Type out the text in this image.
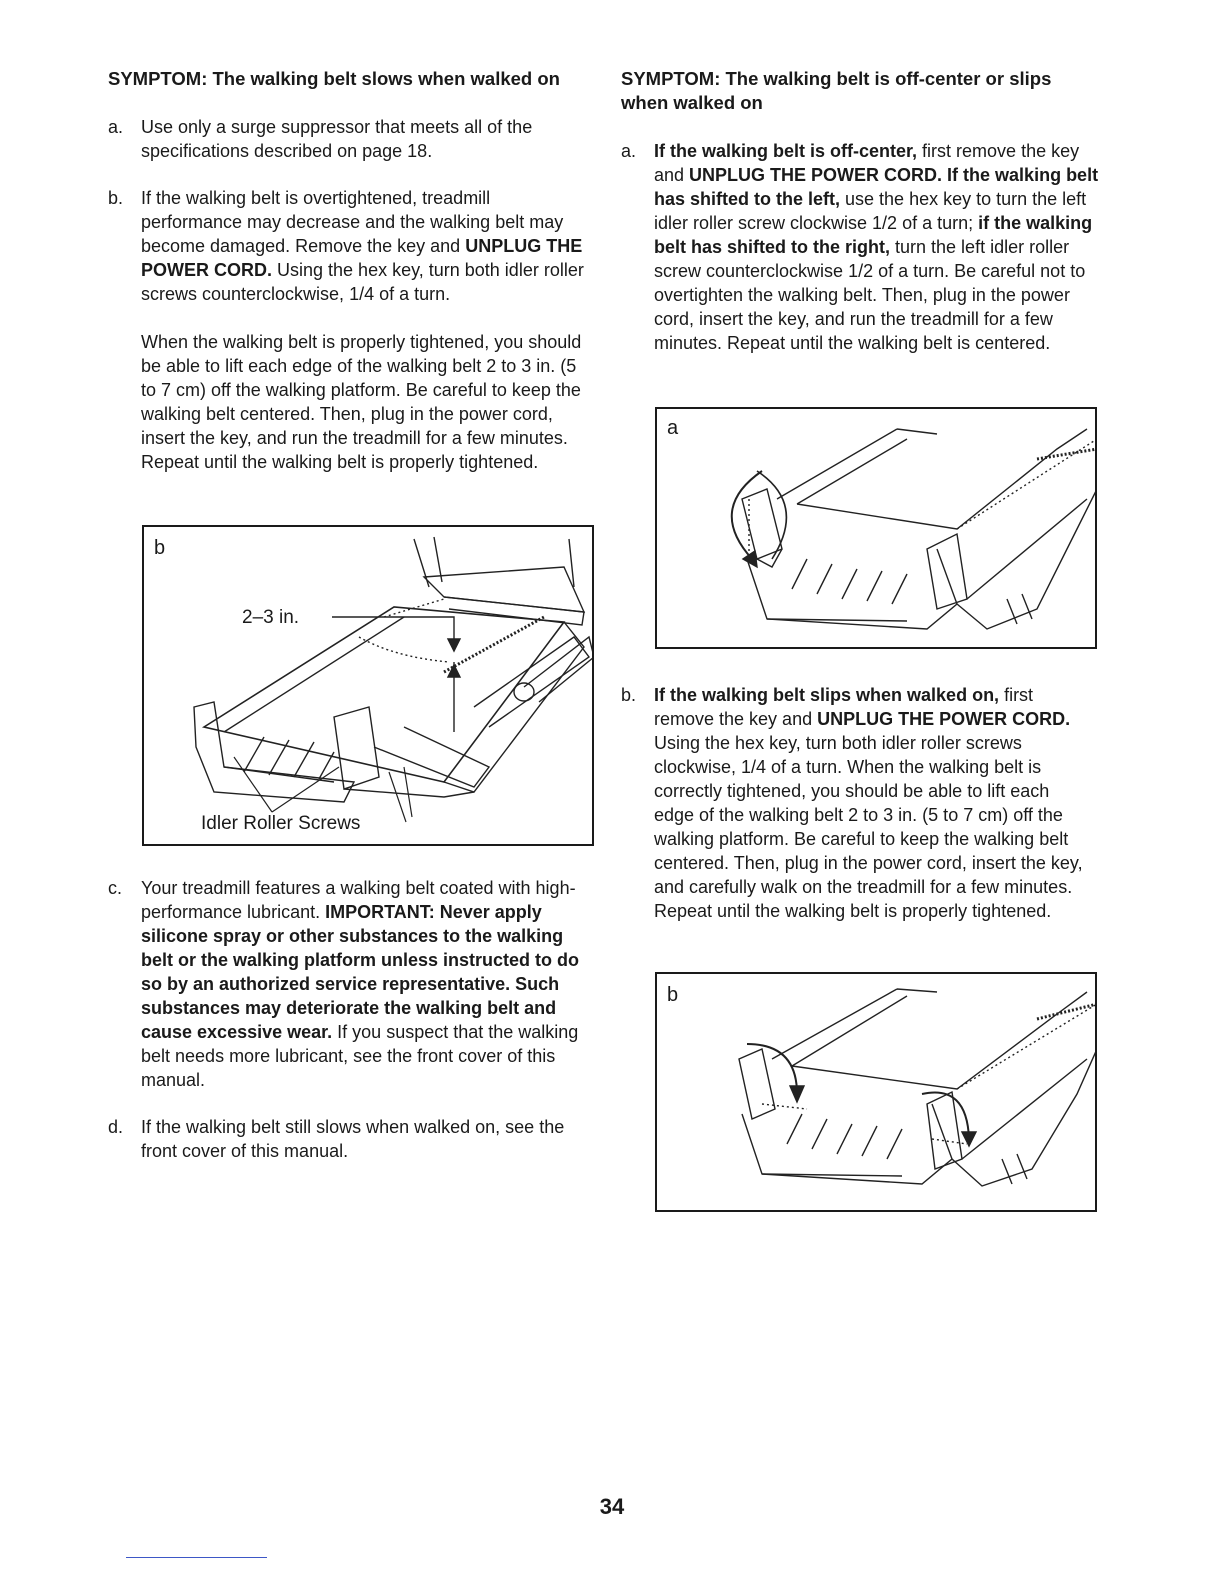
SYMPTOM: The walking belt slows when walked on
a. Use only a surge suppressor that meets all of the specifications described on page 18.

b. If the walking belt is overtightened, treadmill performance may decrease and the walking belt may become damaged. Remove the key and UNPLUG THE POWER CORD. Using the hex key, turn both idler roller screws counterclockwise, 1/4 of a turn.

When the walking belt is properly tightened, you should be able to lift each edge of the walking belt 2 to 3 in. (5 to 7 cm) off the walking platform. Be careful to keep the walking belt centered. Then, plug in the power cord, insert the key, and run the treadmill for a few minutes. Repeat until the walking belt is properly tightened.

c. Your treadmill features a walking belt coated with high-performance lubricant. IMPORTANT: Never apply silicone spray or other substances to the walking belt or the walking platform unless instructed to do so by an authorized service representative. Such substances may deteriorate the walking belt and cause excessive wear. If you suspect that the walking belt needs more lubricant, see the front cover of this manual.

d. If the walking belt still slows when walked on, see the front cover of this manual.

b
2–3 in.
Idler Roller Screws
SYMPTOM: The walking belt is off-center or slips when walked on
a. If the walking belt is off-center, first remove the key and UNPLUG THE POWER CORD. If the walking belt has shifted to the left, use the hex key to turn the left idler roller screw clockwise 1/2 of a turn; if the walking belt has shifted to the right, turn the left idler roller screw counterclockwise 1/2 of a turn. Be careful not to overtighten the walking belt. Then, plug in the power cord, insert the key, and run the treadmill for a few minutes. Repeat until the walking belt is centered.

b. If the walking belt slips when walked on, first remove the key and UNPLUG THE POWER CORD. Using the hex key, turn both idler roller screws clockwise, 1/4 of a turn. When the walking belt is correctly tightened, you should be able to lift each edge of the walking belt 2 to 3 in. (5 to 7 cm) off the walking platform. Be careful to keep the walking belt centered. Then, plug in the power cord, insert the key, and carefully walk on the treadmill for a few minutes. Repeat until the walking belt is properly tightened.

a
b
34
